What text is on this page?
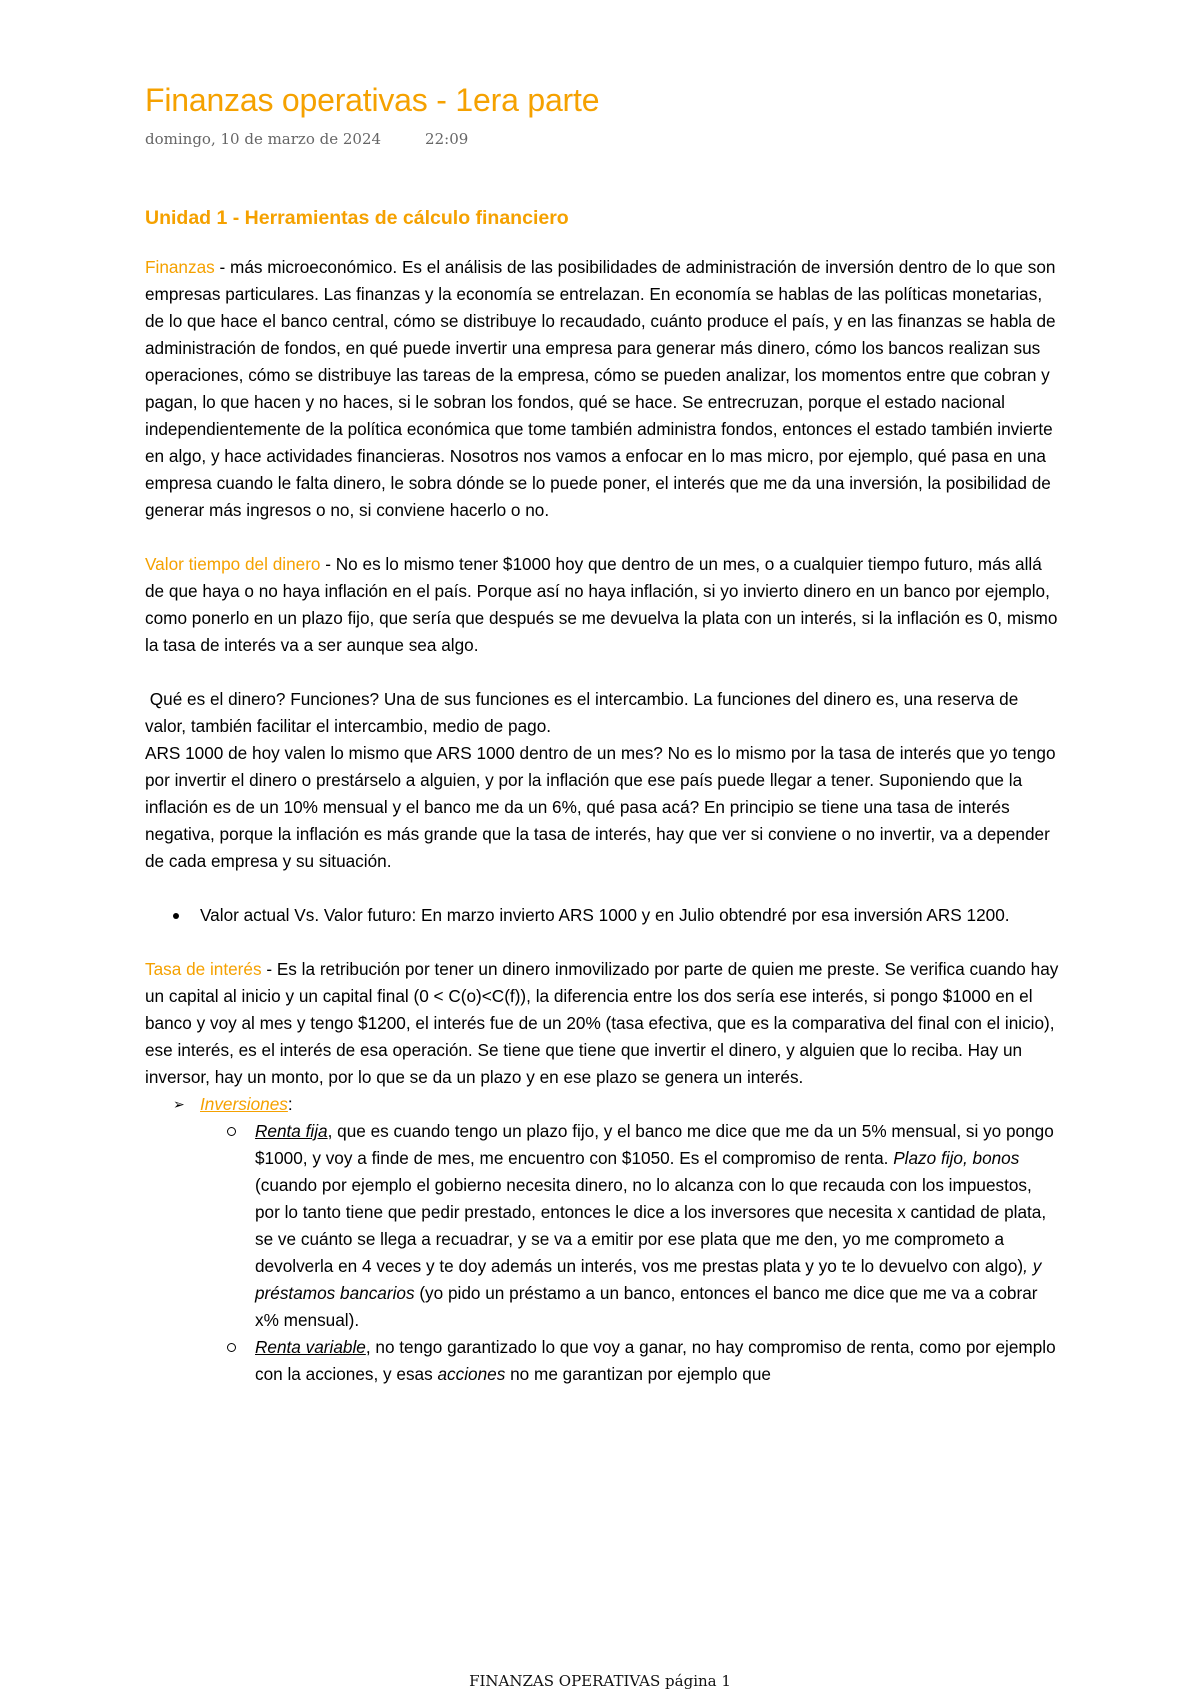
Finanzas operativas - 1era parte
domingo, 10 de marzo de 2024	22:09
Unidad 1 - Herramientas de cálculo financiero

Finanzas - más microeconómico. Es el análisis de las posibilidades de administración de inversión dentro de lo que son empresas particulares. Las finanzas y la economía se entrelazan. En economía se hablas de las políticas monetarias, de lo que hace el banco central, cómo se distribuye lo recaudado, cuánto produce el país, y en las finanzas se habla de administración de fondos, en qué puede invertir una empresa para generar más dinero, cómo los bancos realizan sus operaciones, cómo se distribuye las tareas de la empresa, cómo se pueden analizar, los momentos entre que cobran y pagan, lo que hacen y no haces, si le sobran los fondos, qué se hace. Se entrecruzan, porque el estado nacional independientemente de la política económica que tome también administra fondos, entonces el estado también invierte en algo, y hace actividades financieras. Nosotros nos vamos a enfocar en lo mas micro, por ejemplo, qué pasa en una empresa cuando le falta dinero, le sobra dónde se lo puede poner, el interés que me da una inversión, la posibilidad de generar más ingresos o no, si conviene hacerlo o no.

Valor tiempo del dinero - No es lo mismo tener $1000 hoy que dentro de un mes, o a cualquier tiempo futuro, más allá de que haya o no haya inflación en el país. Porque así no haya inflación, si yo invierto dinero en un banco por ejemplo, como ponerlo en un plazo fijo, que sería que después se me devuelva la plata con un interés, si la inflación es 0, mismo la tasa de interés va a ser aunque sea algo.

Qué es el dinero? Funciones? Una de sus funciones es el intercambio. La funciones del dinero es, una reserva de valor, también facilitar el intercambio, medio de pago.

ARS 1000 de hoy valen lo mismo que ARS 1000 dentro de un mes? No es lo mismo por la tasa de interés que yo tengo por invertir el dinero o prestárselo a alguien, y por la inflación que ese país puede llegar a tener. Suponiendo que la inflación es de un 10% mensual y el banco me da un 6%, qué pasa acá? En principio se tiene una tasa de interés negativa, porque la inflación es más grande que la tasa de interés, hay que ver si conviene o no invertir, va a depender de cada empresa y su situación.

Valor actual Vs. Valor futuro: En marzo invierto ARS 1000 y en Julio obtendré por esa inversión ARS 1200.

Tasa de interés - Es la retribución por tener un dinero inmovilizado por parte de quien me preste. Se verifica cuando hay un capital al inicio y un capital final (0 < C(o)<C(f)), la diferencia entre los dos sería ese interés, si pongo $1000 en el banco y voy al mes y tengo $1200, el interés fue de un 20% (tasa efectiva, que es la comparativa del final con el inicio), ese interés, es el interés de esa operación. Se tiene que tiene que invertir el dinero, y alguien que lo reciba. Hay un inversor, hay un monto, por lo que se da un plazo y en ese plazo se genera un interés.

➢ Inversiones:
Renta fija, que es cuando tengo un plazo fijo, y el banco me dice que me da un 5% mensual, si yo pongo $1000, y voy a finde de mes, me encuentro con $1050. Es el compromiso de renta. Plazo fijo, bonos (cuando por ejemplo el gobierno necesita dinero, no lo alcanza con lo que recauda con los impuestos, por lo tanto tiene que pedir prestado, entonces le dice a los inversores que necesita x cantidad de plata, se ve cuánto se llega a recuadrar, y se va a emitir por ese plata que me den, yo me comprometo a devolverla en 4 veces y te doy además un interés, vos me prestas plata y yo te lo devuelvo con algo), y préstamos bancarios (yo pido un préstamo a un banco, entonces el banco me dice que me va a cobrar x% mensual).
Renta variable, no tengo garantizado lo que voy a ganar, no hay compromiso de renta, como por ejemplo con la acciones, y esas acciones no me garantizan por ejemplo que
FINANZAS OPERATIVAS página 1
